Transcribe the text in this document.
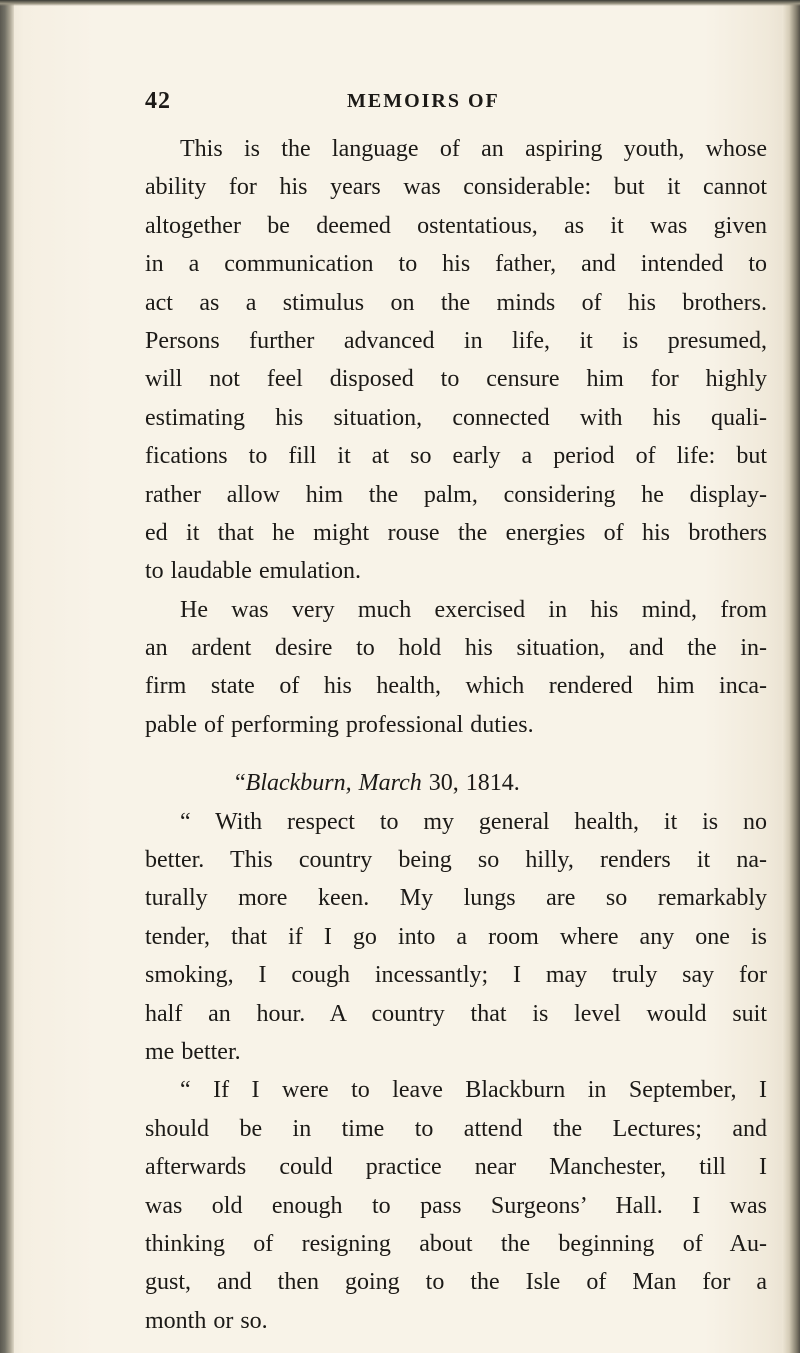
42	MEMOIRS OF
This is the language of an aspiring youth, whose
ability for his years was considerable: but it cannot
altogether be deemed ostentatious, as it was given
in a communication to his father, and intended to
act as a stimulus on the minds of his brothers.
Persons further advanced in life, it is presumed,
will not feel disposed to censure him for highly
estimating his situation, connected with his quali-
fications to fill it at so early a period of life: but
rather allow him the palm, considering he display-
ed it that he might rouse the energies of his brothers
to laudable emulation.
He was very much exercised in his mind, from
an ardent desire to hold his situation, and the in-
firm state of his health, which rendered him inca-
pable of performing professional duties.
“Blackburn, March 30, 1814.
“ With respect to my general health, it is no
better. This country being so hilly, renders it na-
turally more keen. My lungs are so remarkably
tender, that if I go into a room where any one is
smoking, I cough incessantly; I may truly say for
half an hour. A country that is level would suit
me better.
“ If I were to leave Blackburn in September, I
should be in time to attend the Lectures; and
afterwards could practice near Manchester, till I
was old enough to pass Surgeons’ Hall. I was
thinking of resigning about the beginning of Au-
gust, and then going to the Isle of Man for a
month or so.
